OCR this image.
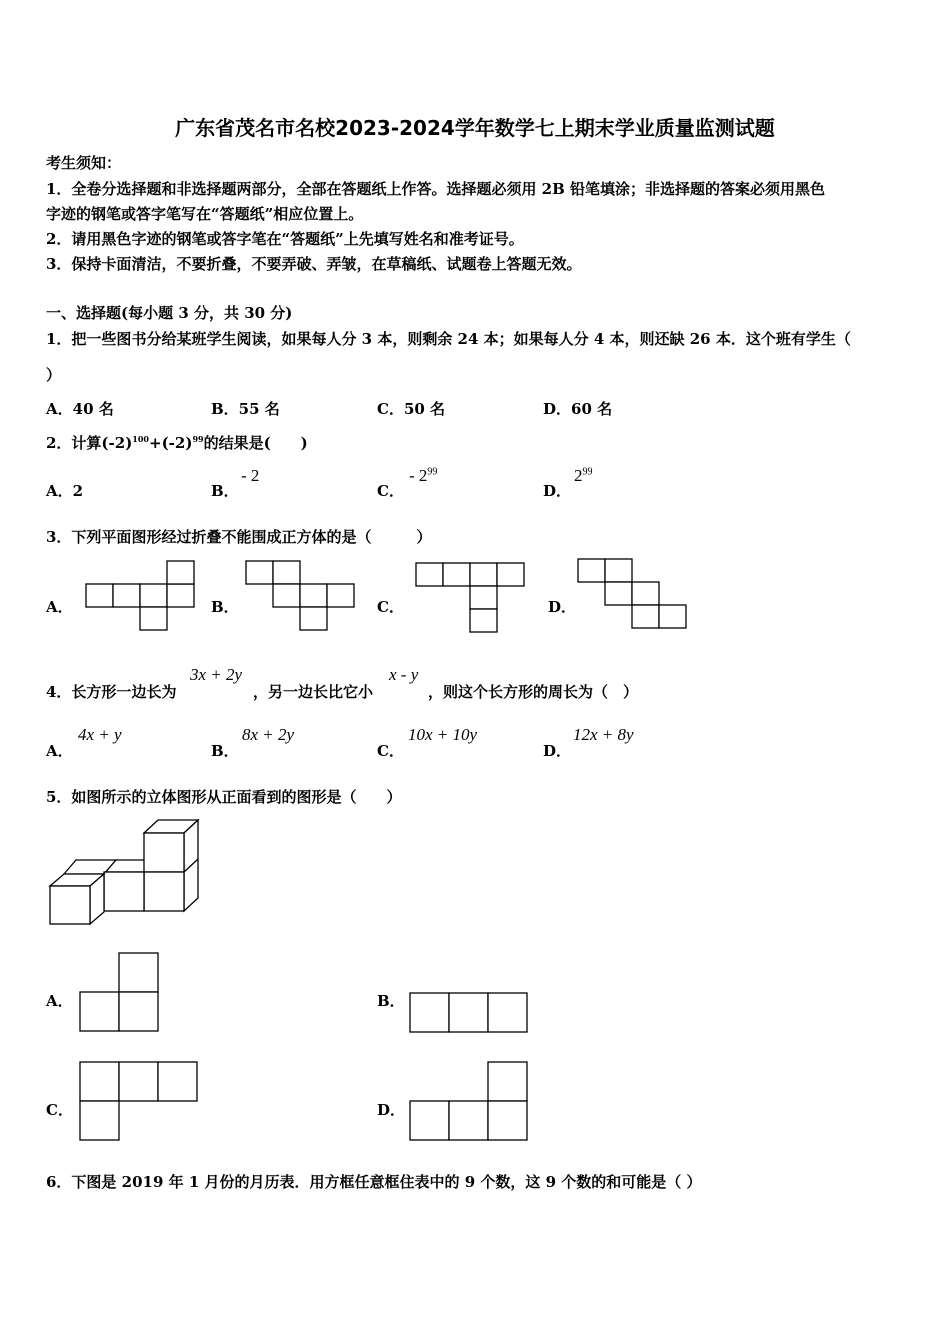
广东省茂名市名校2023-2024学年数学七上期末学业质量监测试题
考生须知：
1．全卷分选择题和非选择题两部分，全部在答题纸上作答。选择题必须用 2B 铅笔填涂；非选择题的答案必须用黑色
字迹的钢笔或答字笔写在“答题纸”相应位置上。
2．请用黑色字迹的钢笔或答字笔在“答题纸”上先填写姓名和准考证号。
3．保持卡面清洁，不要折叠，不要弄破、弄皱，在草稿纸、试题卷上答题无效。
一、选择题(每小题 3 分，共 30 分)
1．把一些图书分给某班学生阅读，如果每人分 3 本，则剩余 24 本；如果每人分 4 本，则还缺 26 本．这个班有学生（
）
A．40 名	B．55 名	C．50 名	D．60 名
2．计算$(-2)^{100}+(-2)^{99}$的结果是(　　)
A．2	B．
- 2
C．
- $2^{99}$
D．
$2^{99}$
3．下列平面图形经过折叠不能围成正方体的是（　　　）
A．	B．	C．	D．
4．长方形一边长为
3x + 2y
，另一边长比它小
x - y
，则这个长方形的周长为（　）
A．
4x + y
B．
8x + 2y
C．
10x + 10y
D．
12x + 8y
5．如图所示的立体图形从正面看到的图形是（　　）
A．	B．
C．	D．
6．下图是 2019 年 1 月份的月历表．用方框任意框住表中的 9 个数，这 9 个数的和可能是（ ）
